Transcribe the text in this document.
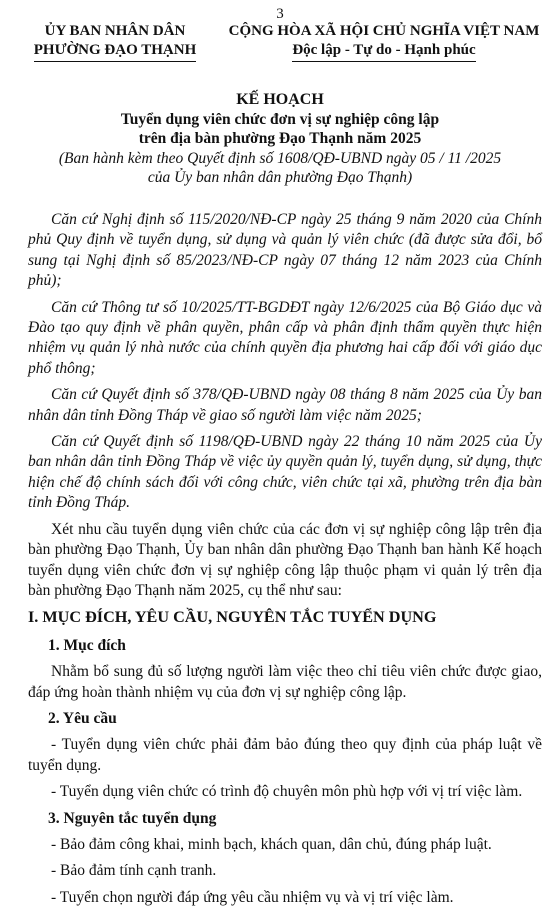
3
ỦY BAN NHÂN DÂN
PHƯỜNG ĐẠO THẠNH
CỘNG HÒA XÃ HỘI CHỦ NGHĨA VIỆT NAM
Độc lập - Tự do - Hạnh phúc
KẾ HOẠCH
Tuyển dụng viên chức đơn vị sự nghiệp công lập
trên địa bàn phường Đạo Thạnh năm 2025
(Ban hành kèm theo Quyết định số 1608/QĐ-UBND ngày 05 / 11 /2025
của Ủy ban nhân dân phường Đạo Thạnh)

Căn cứ Nghị định số 115/2020/NĐ-CP ngày 25 tháng 9 năm 2020 của Chính phủ Quy định về tuyển dụng, sử dụng và quản lý viên chức (đã được sửa đổi, bổ sung tại Nghị định số 85/2023/NĐ-CP ngày 07 tháng 12 năm 2023 của Chính phủ);

Căn cứ Thông tư số 10/2025/TT-BGDĐT ngày 12/6/2025 của Bộ Giáo dục và Đào tạo quy định về phân quyền, phân cấp và phân định thẩm quyền thực hiện nhiệm vụ quản lý nhà nước của chính quyền địa phương hai cấp đối với giáo dục phổ thông;

Căn cứ Quyết định số 378/QĐ-UBND ngày 08 tháng 8 năm 2025 của Ủy ban nhân dân tỉnh Đồng Tháp về giao số người làm việc năm 2025;

Căn cứ Quyết định số 1198/QĐ-UBND ngày 22 tháng 10 năm 2025 của Ủy ban nhân dân tỉnh Đồng Tháp về việc ủy quyền quản lý, tuyển dụng, sử dụng, thực hiện chế độ chính sách đối với công chức, viên chức tại xã, phường trên địa bàn tỉnh Đồng Tháp.

Xét nhu cầu tuyển dụng viên chức của các đơn vị sự nghiệp công lập trên địa bàn phường Đạo Thạnh, Ủy ban nhân dân phường Đạo Thạnh ban hành Kế hoạch tuyển dụng viên chức đơn vị sự nghiệp công lập thuộc phạm vi quản lý trên địa bàn phường Đạo Thạnh năm 2025, cụ thể như sau:

I. MỤC ĐÍCH, YÊU CẦU, NGUYÊN TẮC TUYỂN DỤNG

1. Mục đích

Nhằm bổ sung đủ số lượng người làm việc theo chỉ tiêu viên chức được giao, đáp ứng hoàn thành nhiệm vụ của đơn vị sự nghiệp công lập.

2. Yêu cầu

- Tuyển dụng viên chức phải đảm bảo đúng theo quy định của pháp luật về tuyển dụng.

- Tuyển dụng viên chức có trình độ chuyên môn phù hợp với vị trí việc làm.

3. Nguyên tắc tuyển dụng

- Bảo đảm công khai, minh bạch, khách quan, dân chủ, đúng pháp luật.

- Bảo đảm tính cạnh tranh.

- Tuyển chọn người đáp ứng yêu cầu nhiệm vụ và vị trí việc làm.
